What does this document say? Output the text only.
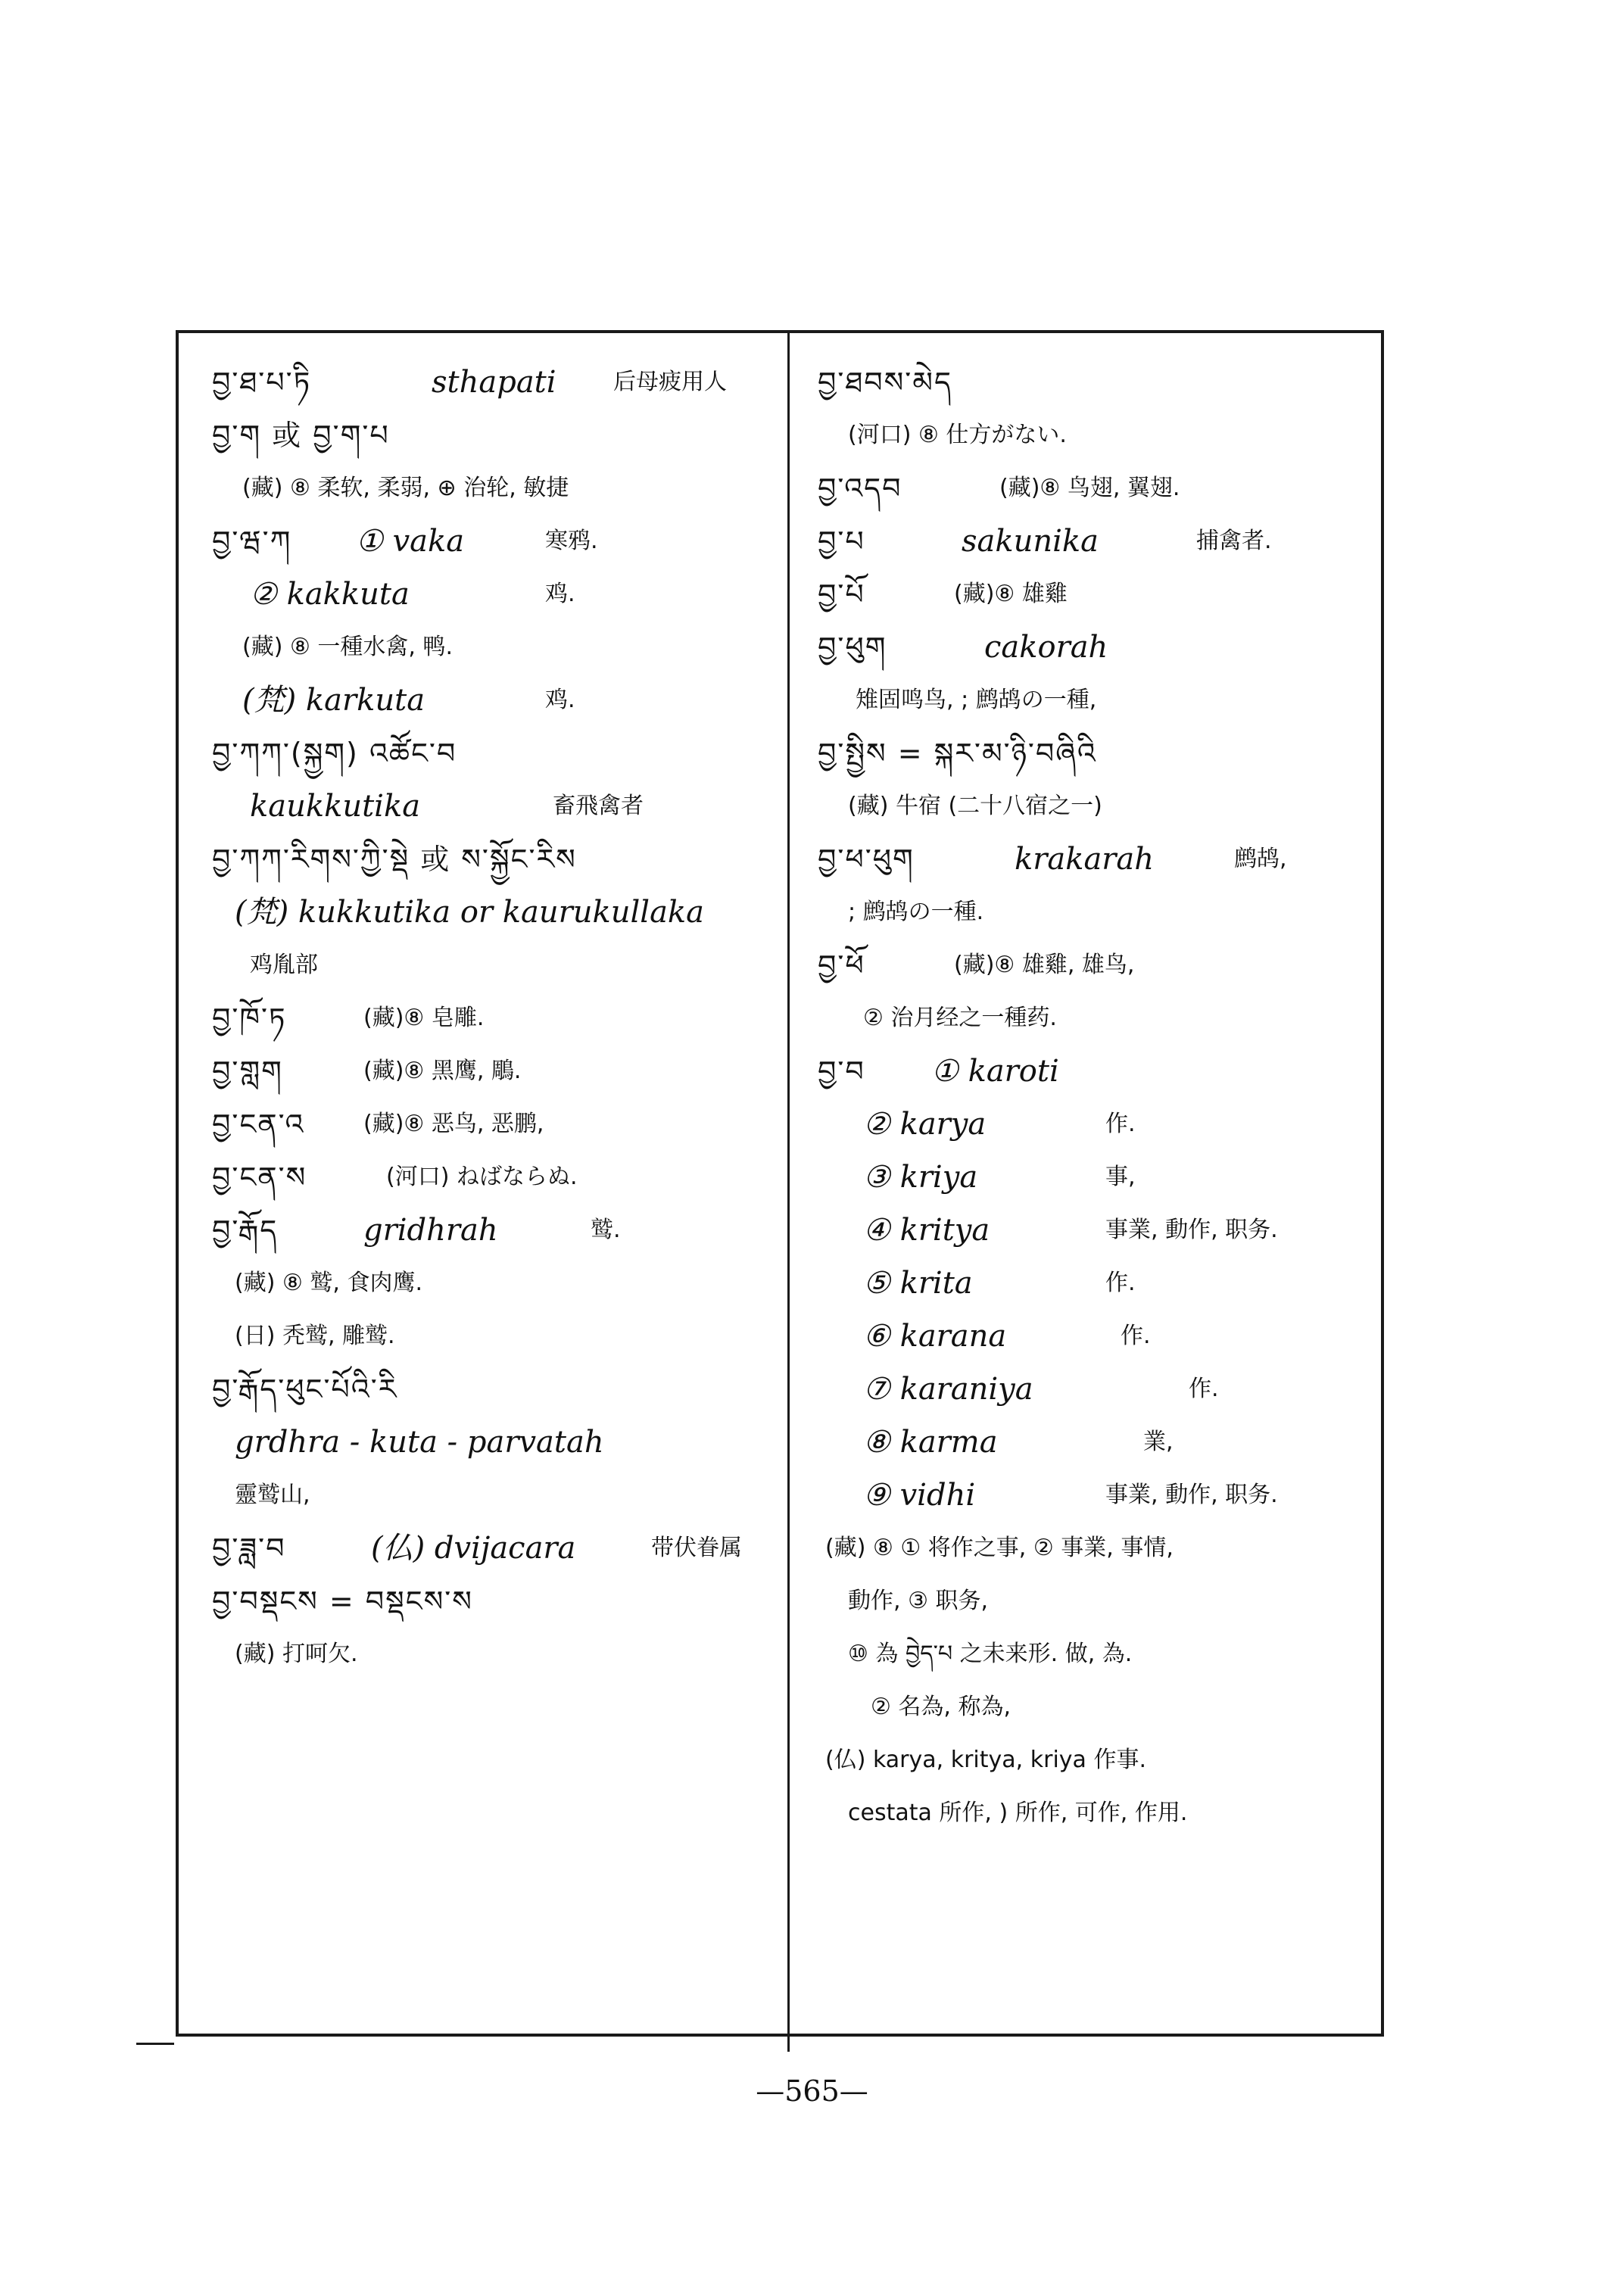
བྱ་ཐ་པ་ཏི	sthapati	后母疲用人
བྱ་ག 或 བྱ་ག་པ
(藏) ⑧ 柔软, 柔弱, ⊕ 治轮, 敏捷
བྱ་ཝ་ཀ ① vaka	寒鸦.
② kakkuta	鸡.
(藏) ⑧ 一種水禽, 鸭.
(梵) karkuta	鸡.
བྱ་ཀཀ་(སྐྱག) འཚོང་བ
kaukkutika	畜飛禽者
བྱ་ཀཀ་རིགས་ཀྱི་སྡེ 或 ས་སྐྱོང་རིས
(梵) kukkutika or kaurukullaka
鸡胤部
བྱ་ཁོ་ཏ	(藏)⑧ 皂雕.
བྱ་གླག	(藏)⑧ 黑鹰, 鵰.
བྱ་ངན་འ	(藏)⑧ 恶鸟, 恶鹏,
བྱ་ངན་ས	(河口) ねばならぬ.
བྱ་རྒོད	gridhrah	鹫.
(藏) ⑧ 鹫, 食肉鹰.
(日) 秃鹫, 雕鹫.
བྱ་རྒོད་ཕུང་པོའི་རི
grdhra - kuta - parvatah
靈鹫山,
བྱ་ཟླ་བ	(仏) dvijacara	带伏眷属
བྱ་བསྡངས = བསྡངས་ས
(藏) 打呵欠.
བྱ་ཐབས་མེད
(河口) ⑧ 仕方がない.
བྱ་འདབ	(藏)⑧ 鸟翅, 翼翅.
བྱ་པ	sakunika	捕禽者.
བྱ་པོ	(藏)⑧ 雄雞
བྱ་ཕུག	cakorah
雉固鸣鸟, ; 鹧鸪の一種,
བྱ་སྤྱིས = སྐར་མ་ཉི་བཞིའི
(藏) 牛宿 (二十八宿之一)
བྱ་ཕ་ཕུག	krakarah	鹧鸪,
; 鹧鸪の一種.
བྱ་ཕོ	(藏)⑧ 雄雞, 雄鸟,
② 治月经之一種药.
བྱ་བ ① karoti
② karya	作.
③ kriya	事,
④ kritya	事業, 動作, 职务.
⑤ krita	作.
⑥ karana	作.
⑦ karaniya	作.
⑧ karma	業,
⑨ vidhi	事業, 動作, 职务.
(藏) ⑧ ① 将作之事, ② 事業, 事情,
動作, ③ 职务,
⑩ 為 བྱེད་པ 之未来形. 做, 為.
② 名為, 称為,
(仏) karya, kritya, kriya 作事.
cestata 所作, ) 所作, 可作, 作用.
—565—
